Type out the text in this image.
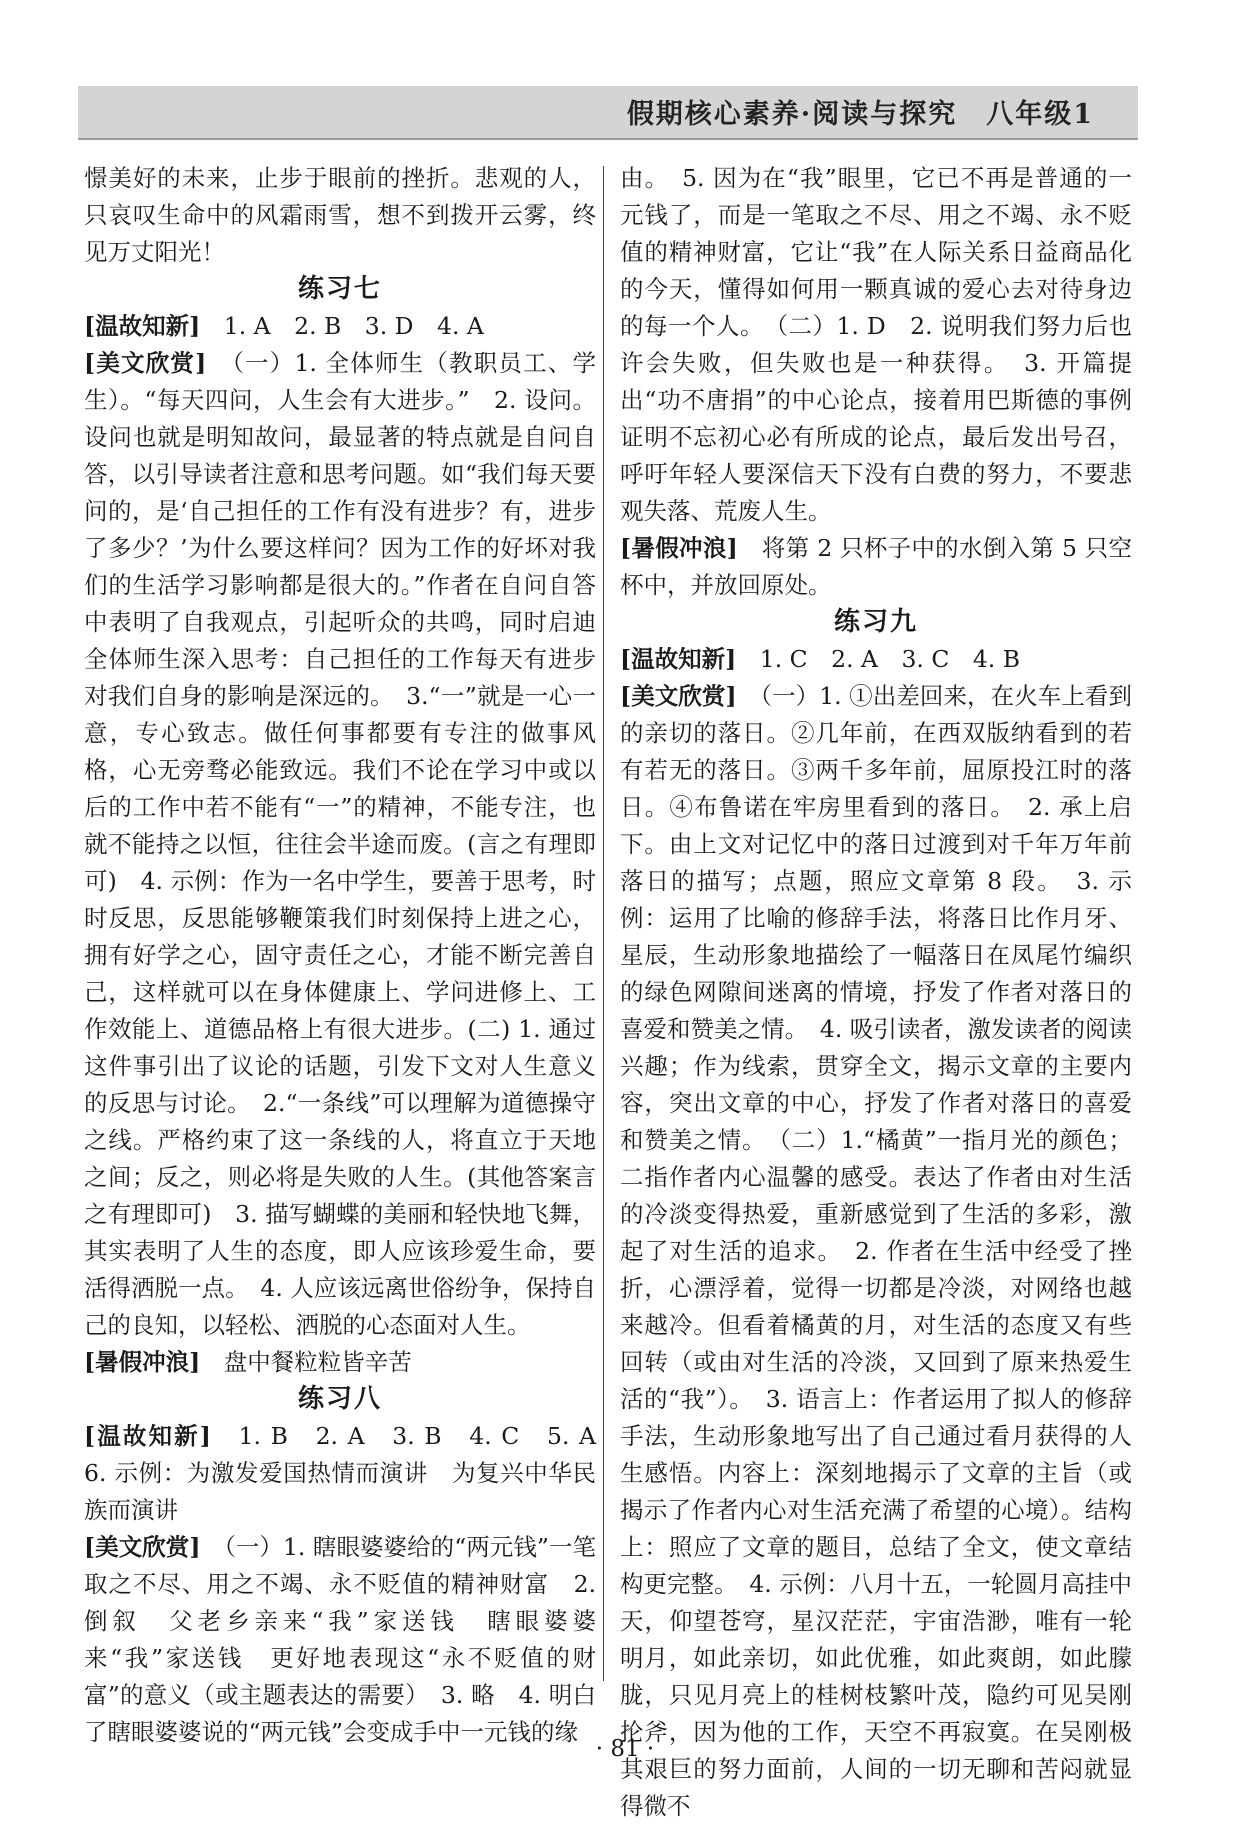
假期核心素养·阅读与探究　八年级1

憬美好的未来，止步于眼前的挫折。悲观的人，只哀叹生命中的风霜雨雪，想不到拨开云雾，终见万丈阳光！

练习七

[温故知新]　1. A　2. B　3. D　4. A

[美文欣赏]　（一）1. 全体师生（教职员工、学生）。“每天四问，人生会有大进步。”　2. 设问。设问也就是明知故问，最显著的特点就是自问自答，以引导读者注意和思考问题。如“我们每天要问的，是‘自己担任的工作有没有进步？有，进步了多少？’为什么要这样问？因为工作的好坏对我们的生活学习影响都是很大的。”作者在自问自答中表明了自我观点，引起听众的共鸣，同时启迪全体师生深入思考：自己担任的工作每天有进步对我们自身的影响是深远的。　3.“一”就是一心一意，专心致志。做任何事都要有专注的做事风格，心无旁骛必能致远。我们不论在学习中或以后的工作中若不能有“一”的精神，不能专注，也就不能持之以恒，往往会半途而废。(言之有理即可)　4. 示例：作为一名中学生，要善于思考，时时反思，反思能够鞭策我们时刻保持上进之心，拥有好学之心，固守责任之心，才能不断完善自己，这样就可以在身体健康上、学问进修上、工作效能上、道德品格上有很大进步。(二) 1. 通过这件事引出了议论的话题，引发下文对人生意义的反思与讨论。　2.“一条线”可以理解为道德操守之线。严格约束了这一条线的人，将直立于天地之间；反之，则必将是失败的人生。(其他答案言之有理即可)　3. 描写蝴蝶的美丽和轻快地飞舞，其实表明了人生的态度，即人应该珍爱生命，要活得洒脱一点。　4. 人应该远离世俗纷争，保持自己的良知，以轻松、洒脱的心态面对人生。

[暑假冲浪]　盘中餐粒粒皆辛苦

练习八

[温故知新]　1. B　2. A　3. B　4. C　5. A　6. 示例：为激发爱国热情而演讲　为复兴中华民族而演讲

[美文欣赏]　（一）1. 瞎眼婆婆给的“两元钱”一笔取之不尽、用之不竭、永不贬值的精神财富　2. 倒叙　父老乡亲来“我”家送钱　瞎眼婆婆来“我”家送钱　更好地表现这“永不贬值的财富”的意义（或主题表达的需要）　3. 略　4. 明白了瞎眼婆婆说的“两元钱”会变成手中一元钱的缘

由。　5. 因为在“我”眼里，它已不再是普通的一元钱了，而是一笔取之不尽、用之不竭、永不贬值的精神财富，它让“我”在人际关系日益商品化的今天，懂得如何用一颗真诚的爱心去对待身边的每一个人。　（二）1. D　2. 说明我们努力后也许会失败，但失败也是一种获得。　3. 开篇提出“功不唐捐”的中心论点，接着用巴斯德的事例证明不忘初心必有所成的论点，最后发出号召，呼吁年轻人要深信天下没有白费的努力，不要悲观失落、荒废人生。

[暑假冲浪]　将第 2 只杯子中的水倒入第 5 只空杯中，并放回原处。

练习九

[温故知新]　1. C　2. A　3. C　4. B

[美文欣赏]　（一）1. ①出差回来，在火车上看到的亲切的落日。②几年前，在西双版纳看到的若有若无的落日。③两千多年前，屈原投江时的落日。④布鲁诺在牢房里看到的落日。　2. 承上启下。由上文对记忆中的落日过渡到对千年万年前落日的描写；点题，照应文章第 8 段。　3. 示例：运用了比喻的修辞手法，将落日比作月牙、星辰，生动形象地描绘了一幅落日在凤尾竹编织的绿色网隙间迷离的情境，抒发了作者对落日的喜爱和赞美之情。　4. 吸引读者，激发读者的阅读兴趣；作为线索，贯穿全文，揭示文章的主要内容，突出文章的中心，抒发了作者对落日的喜爱和赞美之情。　（二）1.“橘黄”一指月光的颜色；二指作者内心温馨的感受。表达了作者由对生活的冷淡变得热爱，重新感觉到了生活的多彩，激起了对生活的追求。　2. 作者在生活中经受了挫折，心漂浮着，觉得一切都是冷淡，对网络也越来越冷。但看着橘黄的月，对生活的态度又有些回转（或由对生活的冷淡，又回到了原来热爱生活的“我”）。　3. 语言上：作者运用了拟人的修辞手法，生动形象地写出了自己通过看月获得的人生感悟。内容上：深刻地揭示了文章的主旨（或揭示了作者内心对生活充满了希望的心境）。结构上：照应了文章的题目，总结了全文，使文章结构更完整。　4. 示例：八月十五，一轮圆月高挂中天，仰望苍穹，星汉茫茫，宇宙浩渺，唯有一轮明月，如此亲切，如此优雅，如此爽朗，如此朦胧，只见月亮上的桂树枝繁叶茂，隐约可见吴刚抡斧，因为他的工作，天空不再寂寞。在吴刚极其艰巨的努力面前，人间的一切无聊和苦闷就显得微不

· 81 ·
